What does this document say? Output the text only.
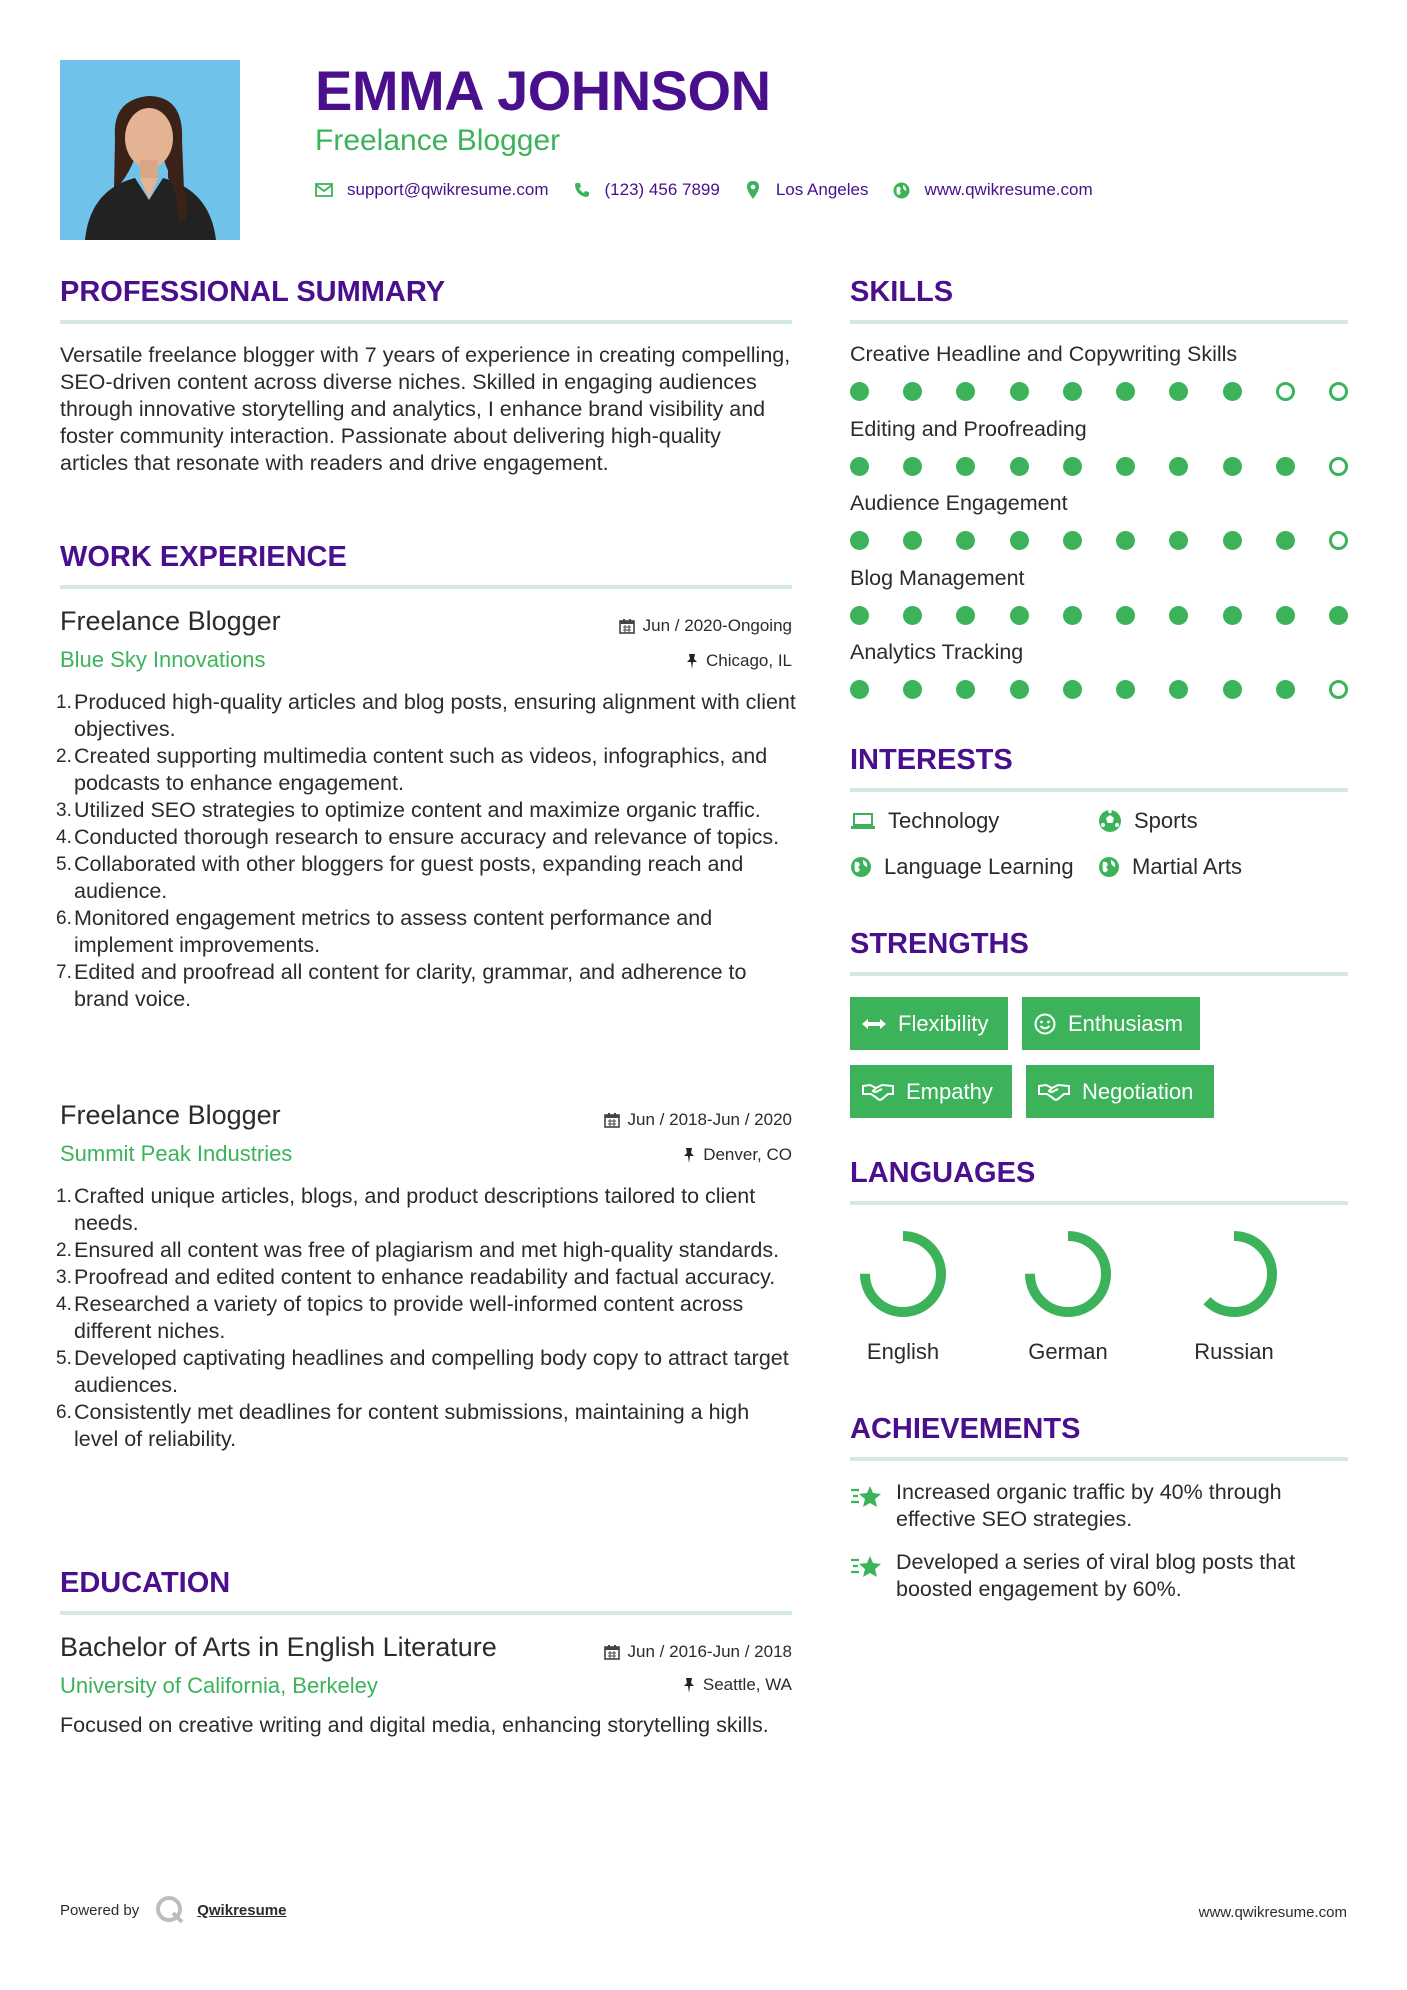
EMMA JOHNSON
Freelance Blogger
support@qwikresume.com	(123) 456 7899	Los Angeles	www.qwikresume.com
PROFESSIONAL SUMMARY
Versatile freelance blogger with 7 years of experience in creating compelling, SEO-driven content across diverse niches. Skilled in engaging audiences through innovative storytelling and analytics, I enhance brand visibility and foster community interaction. Passionate about delivering high-quality articles that resonate with readers and drive engagement.
WORK EXPERIENCE
Freelance Blogger	Jun / 2020-Ongoing
Blue Sky Innovations	Chicago, IL
1. Produced high-quality articles and blog posts, ensuring alignment with client objectives.
2. Created supporting multimedia content such as videos, infographics, and podcasts to enhance engagement.
3. Utilized SEO strategies to optimize content and maximize organic traffic.
4. Conducted thorough research to ensure accuracy and relevance of topics.
5. Collaborated with other bloggers for guest posts, expanding reach and audience.
6. Monitored engagement metrics to assess content performance and implement improvements.
7. Edited and proofread all content for clarity, grammar, and adherence to brand voice.
Freelance Blogger	Jun / 2018-Jun / 2020
Summit Peak Industries	Denver, CO
1. Crafted unique articles, blogs, and product descriptions tailored to client needs.
2. Ensured all content was free of plagiarism and met high-quality standards.
3. Proofread and edited content to enhance readability and factual accuracy.
4. Researched a variety of topics to provide well-informed content across different niches.
5. Developed captivating headlines and compelling body copy to attract target audiences.
6. Consistently met deadlines for content submissions, maintaining a high level of reliability.
EDUCATION
Bachelor of Arts in English Literature	Jun / 2016-Jun / 2018
University of California, Berkeley	Seattle, WA
Focused on creative writing and digital media, enhancing storytelling skills.
SKILLS
Creative Headline and Copywriting Skills
Editing and Proofreading
Audience Engagement
Blog Management
Analytics Tracking
INTERESTS
Technology	Sports
Language Learning	Martial Arts
STRENGTHS
Flexibility	Enthusiasm
Empathy	Negotiation
LANGUAGES
English	German	Russian
ACHIEVEMENTS
Increased organic traffic by 40% through effective SEO strategies.
Developed a series of viral blog posts that boosted engagement by 60%.
Powered by	Qwikresume	www.qwikresume.com
